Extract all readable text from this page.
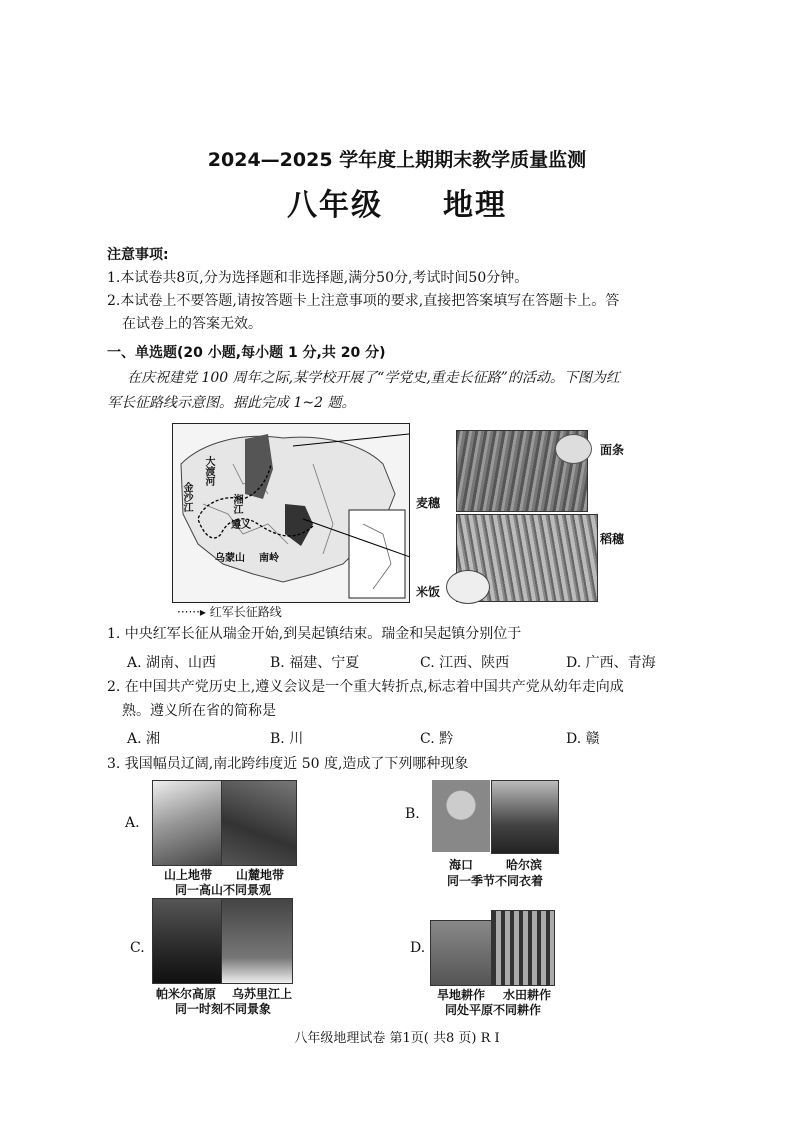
2024—2025 学年度上期期末教学质量监测
八年级 地理
注意事项:
1.本试卷共8页,分为选择题和非选择题,满分50分,考试时间50分钟。
2.本试卷上不要答题,请按答题卡上注意事项的要求,直接把答案填写在答题卡上。答
在试卷上的答案无效。
一、单选题(20 小题,每小题 1 分,共 20 分)
在庆祝建党 100 周年之际,某学校开展了“学党史,重走长征路”的活动。下图为红
军长征路线示意图。据此完成 1~2 题。
金沙江
大渡河
遵义
乌蒙山 南岭
湘江
······▸ 红军长征路线
面条
麦穗
稻穗
米饭
1. 中央红军长征从瑞金开始,到吴起镇结束。瑞金和吴起镇分别位于
A. 湖南、山西	B. 福建、宁夏	C. 江西、陕西	D. 广西、青海
2. 在中国共产党历史上,遵义会议是一个重大转折点,标志着中国共产党从幼年走向成
熟。遵义所在省的简称是
A. 湘	B. 川	C. 黔	D. 赣
3. 我国幅员辽阔,南北跨纬度近 50 度,造成了下列哪种现象
A.
山上地带	山麓地带
同一高山不同景观
B.
海口	哈尔滨
同一季节不同衣着
C.
帕米尔高原	乌苏里江上
同一时刻不同景象
D.
旱地耕作	水田耕作
同处平原不同耕作
八年级地理试卷 第1页( 共8 页) R I
